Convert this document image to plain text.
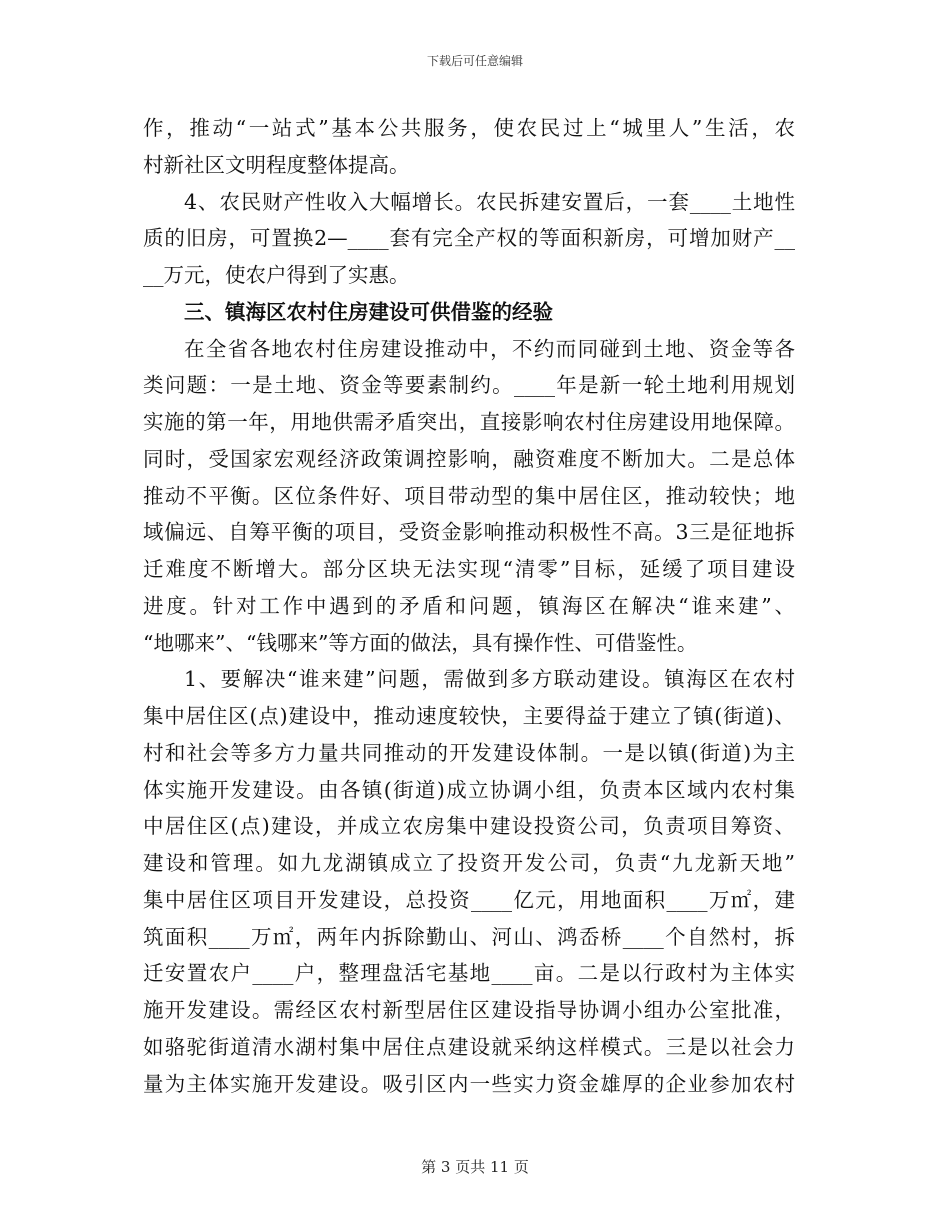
下载后可任意编辑
作，推动“一站式”基本公共服务，使农民过上“城里人”生活，农
村新社区文明程度整体提高。
4、农民财产性收入大幅增长。农民拆建安置后，一套____土地性
质的旧房，可置换2—____套有完全产权的等面积新房，可增加财产__
__万元，使农户得到了实惠。
三、镇海区农村住房建设可供借鉴的经验
在全省各地农村住房建设推动中，不约而同碰到土地、资金等各
类问题：一是土地、资金等要素制约。____年是新一轮土地利用规划
实施的第一年，用地供需矛盾突出，直接影响农村住房建设用地保障。
同时，受国家宏观经济政策调控影响，融资难度不断加大。二是总体
推动不平衡。区位条件好、项目带动型的集中居住区，推动较快；地
域偏远、自筹平衡的项目，受资金影响推动积极性不高。3三是征地拆
迁难度不断增大。部分区块无法实现“清零”目标，延缓了项目建设
进度。针对工作中遇到的矛盾和问题，镇海区在解决“谁来建”、
“地哪来”、“钱哪来”等方面的做法，具有操作性、可借鉴性。
1、要解决“谁来建”问题，需做到多方联动建设。镇海区在农村
集中居住区(点)建设中，推动速度较快，主要得益于建立了镇(街道)、
村和社会等多方力量共同推动的开发建设体制。一是以镇(街道)为主
体实施开发建设。由各镇(街道)成立协调小组，负责本区域内农村集
中居住区(点)建设，并成立农房集中建设投资公司，负责项目筹资、
建设和管理。如九龙湖镇成立了投资开发公司，负责“九龙新天地”
集中居住区项目开发建设，总投资____亿元，用地面积____万㎡，建
筑面积____万㎡，两年内拆除勤山、河山、鸿岙桥____个自然村，拆
迁安置农户____户，整理盘活宅基地____亩。二是以行政村为主体实
施开发建设。需经区农村新型居住区建设指导协调小组办公室批准，
如骆驼街道清水湖村集中居住点建设就采纳这样模式。三是以社会力
量为主体实施开发建设。吸引区内一些实力资金雄厚的企业参加农村
第 3 页共 11 页
